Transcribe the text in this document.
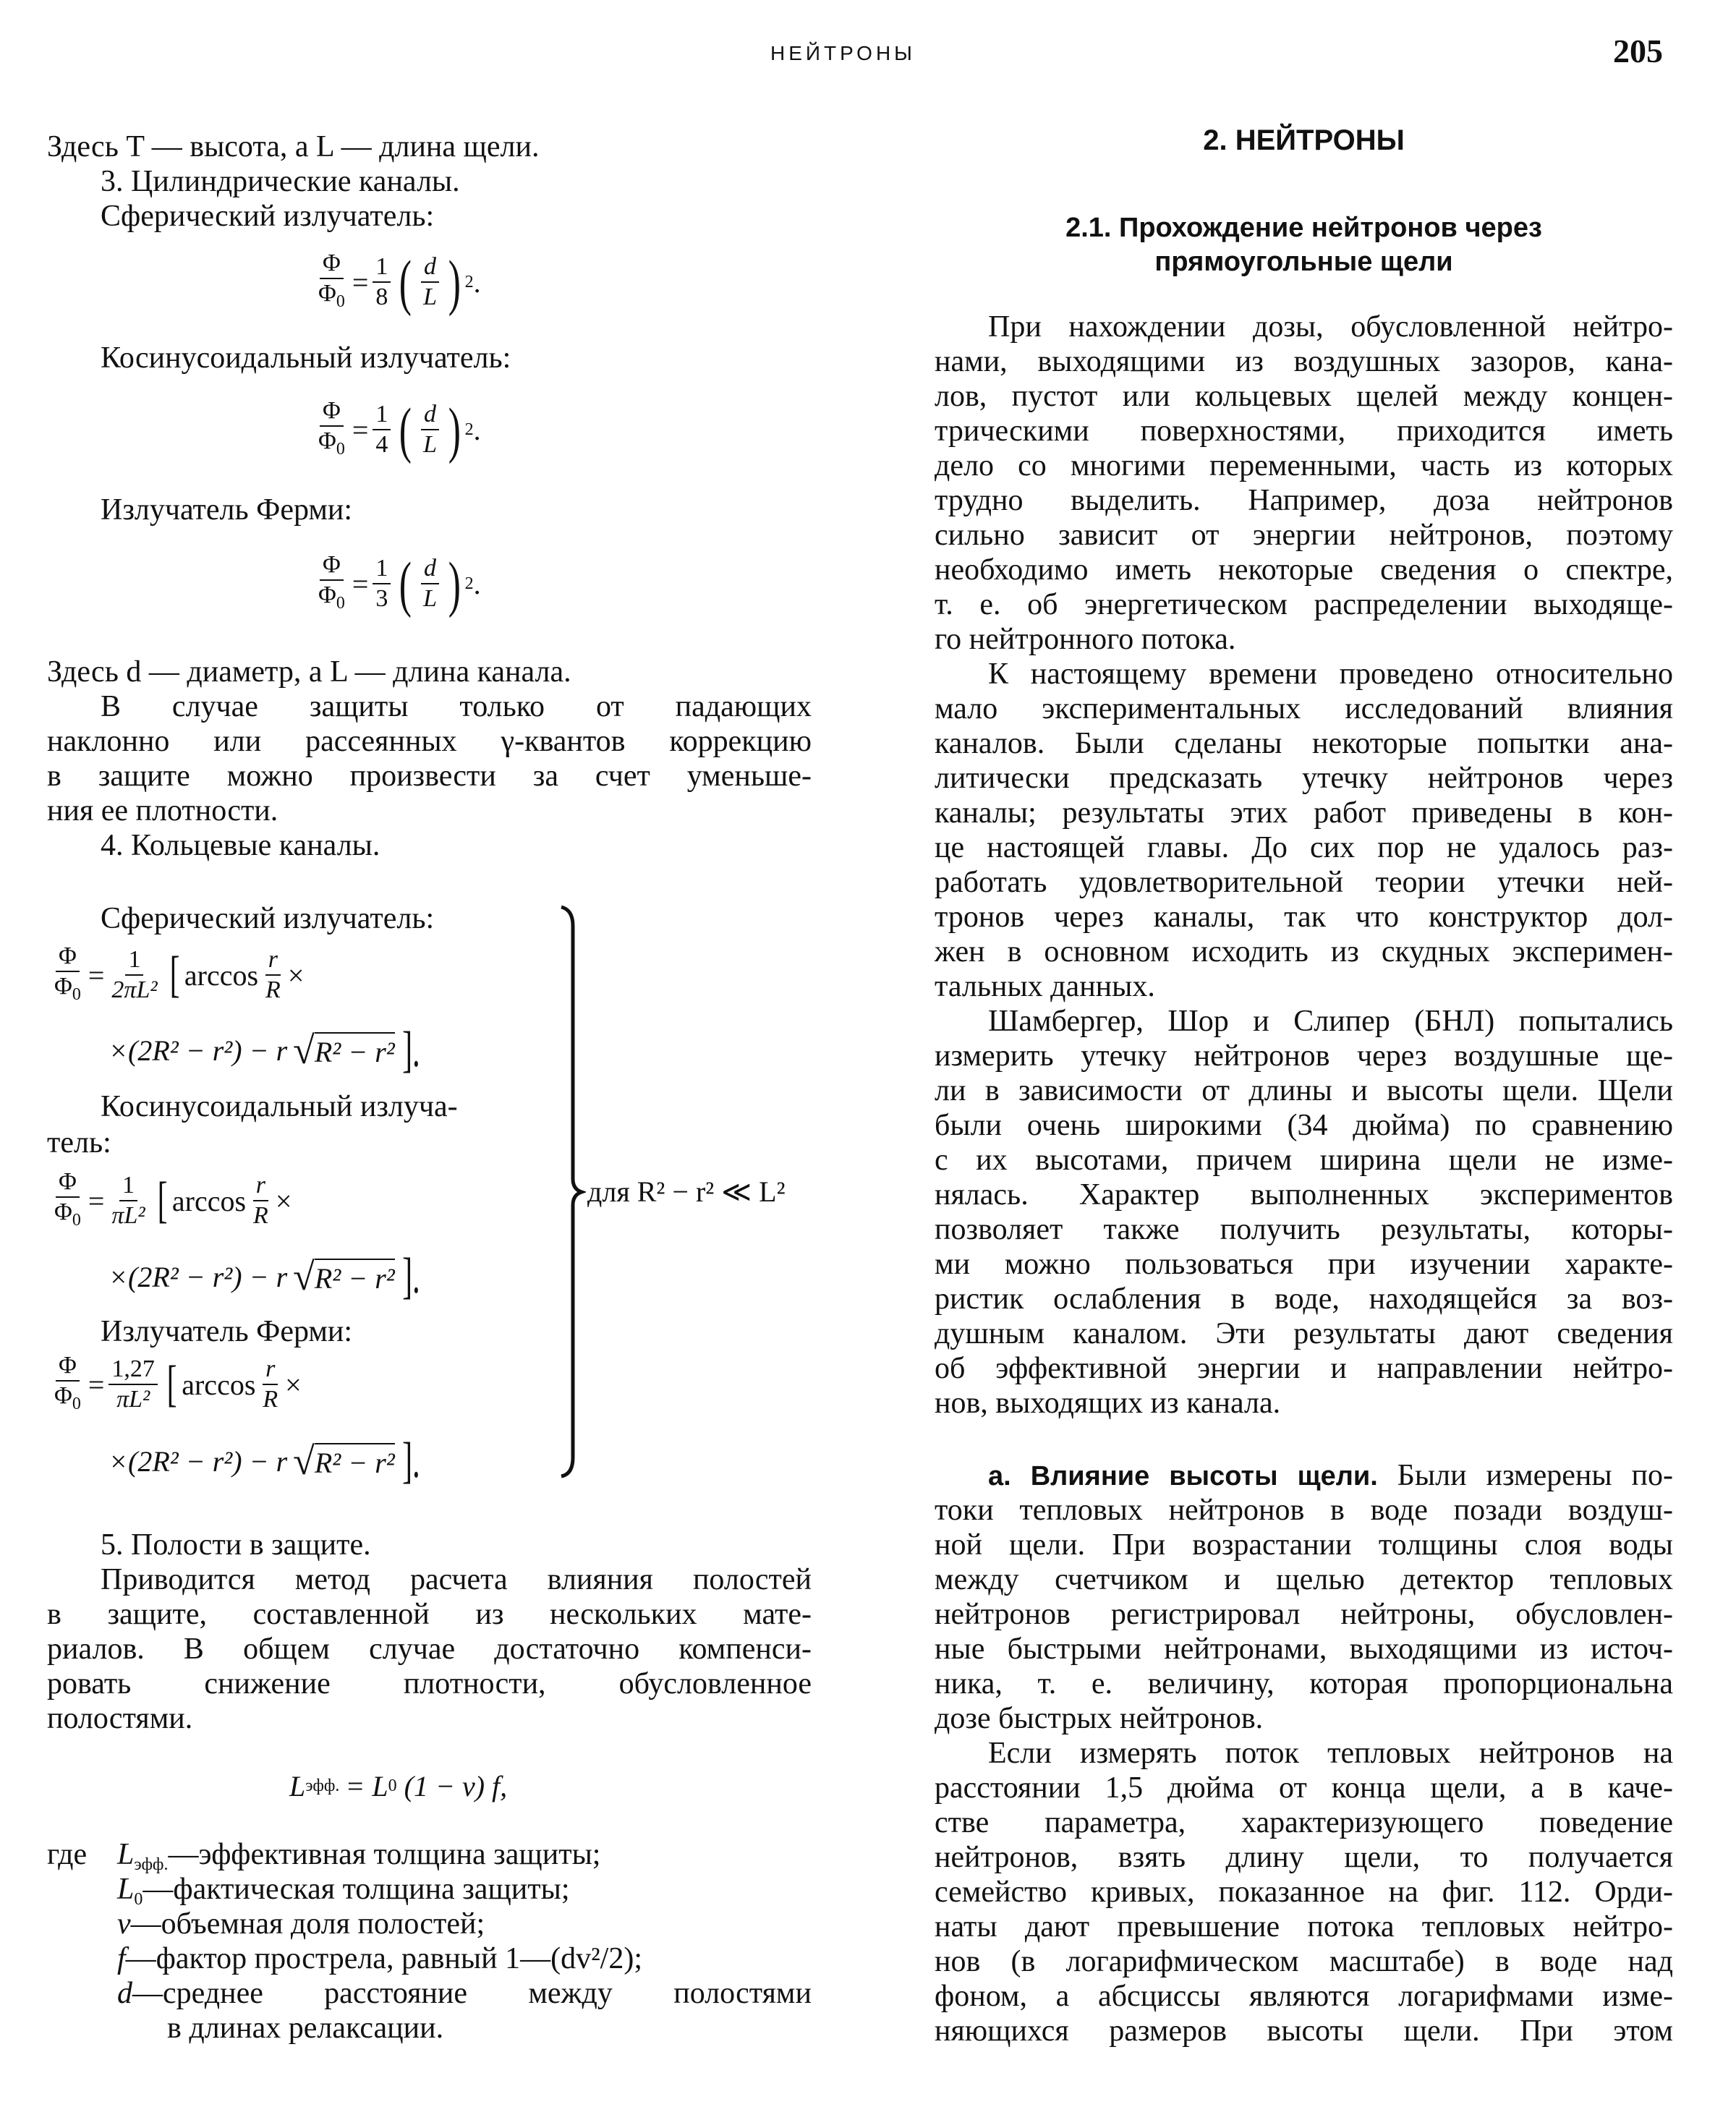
НЕЙТРОНЫ	205
Здесь T — высота, а L — длина щели.
3. Цилиндрические каналы.
Сферический излучатель:
$\frac{\Phi}{\Phi_0} = \frac{1}{8}$ ( $\frac{d}{L}$ ) 2 .
Косинусоидальный излучатель:
$\frac{\Phi}{\Phi_0} = \frac{1}{4}$ ( $\frac{d}{L}$ ) 2 .
Излучатель Ферми:
$\frac{\Phi}{\Phi_0} = \frac{1}{3}$ ( $\frac{d}{L}$ ) 2 .
Здесь d — диаметр, а L — длина канала.
В случае защиты только от падающих
наклонно или рассеянных γ-квантов коррекцию
в защите можно произвести за счет уменьше-
ния ее плотности.
4. Кольцевые каналы.
Сферический излучатель:
Косинусоидальный излуча-
тель:
Излучатель Ферми:
$\frac{\Phi}{\Phi_0} = \frac{1}{\text{2πL²}}$ [ $\arccos \frac{r}{R}$ ×
×(2R² − r²) − r √ R² − r² ].
$\frac{\Phi}{\Phi_0} = \frac{1}{\text{πL²}}$ [ $\arccos \frac{r}{R}$ ×
×(2R² − r²) − r √ R² − r² ].
$\frac{\Phi}{\Phi_0} = \frac{1,27}{\text{πL²}}$ [ $\arccos \frac{r}{R}$ ×
×(2R² − r²) − r √ R² − r² ].
для R² − r² ≪ L²
5. Полости в защите.
Приводится метод расчета влияния полостей
в защите, составленной из нескольких мате-
риалов. В общем случае достаточно компенси-
ровать снижение плотности, обусловленное
полостями.
L эфф. = L 0 (1 − v) f,
где $L_{эфф.}—эффективная$ толщина защиты;
$L_0—фактическая$ толщина защиты;
v—объемная доля полостей;
f—фактор прострела, равный 1—(dv²/2);
d—среднее расстояние между полостями
в длинах релаксации.
2. НЕЙТРОНЫ
2.1. Прохождение нейтронов через
прямоугольные щели
При нахождении дозы, обусловленной нейтро-
нами, выходящими из воздушных зазоров, кана-
лов, пустот или кольцевых щелей между концен-
трическими поверхностями, приходится иметь
дело со многими переменными, часть из которых
трудно выделить. Например, доза нейтронов
сильно зависит от энергии нейтронов, поэтому
необходимо иметь некоторые сведения о спектре,
т. е. об энергетическом распределении выходяще-
го нейтронного потока.
К настоящему времени проведено относительно
мало экспериментальных исследований влияния
каналов. Были сделаны некоторые попытки ана-
литически предсказать утечку нейтронов через
каналы; результаты этих работ приведены в кон-
це настоящей главы. До сих пор не удалось раз-
работать удовлетворительной теории утечки ней-
тронов через каналы, так что конструктор дол-
жен в основном исходить из скудных эксперимен-
тальных данных.
Шамбергер, Шор и Слипер (БНЛ) попытались
измерить утечку нейтронов через воздушные ще-
ли в зависимости от длины и высоты щели. Щели
были очень широкими (34 дюйма) по сравнению
с их высотами, причем ширина щели не изме-
нялась. Характер выполненных экспериментов
позволяет также получить результаты, которы-
ми можно пользоваться при изучении характе-
ристик ослабления в воде, находящейся за воз-
душным каналом. Эти результаты дают сведения
об эффективной энергии и направлении нейтро-
нов, выходящих из канала.
а. Влияние высоты щели. Были измерены по-
токи тепловых нейтронов в воде позади воздуш-
ной щели. При возрастании толщины слоя воды
между счетчиком и щелью детектор тепловых
нейтронов регистрировал нейтроны, обусловлен-
ные быстрыми нейтронами, выходящими из источ-
ника, т. е. величину, которая пропорциональна
дозе быстрых нейтронов.
Если измерять поток тепловых нейтронов на
расстоянии 1,5 дюйма от конца щели, а в каче-
стве параметра, характеризующего поведение
нейтронов, взять длину щели, то получается
семейство кривых, показанное на фиг. 112. Орди-
наты дают превышение потока тепловых нейтро-
нов (в логарифмическом масштабе) в воде над
фоном, а абсциссы являются логарифмами изме-
няющихся размеров высоты щели. При этом
